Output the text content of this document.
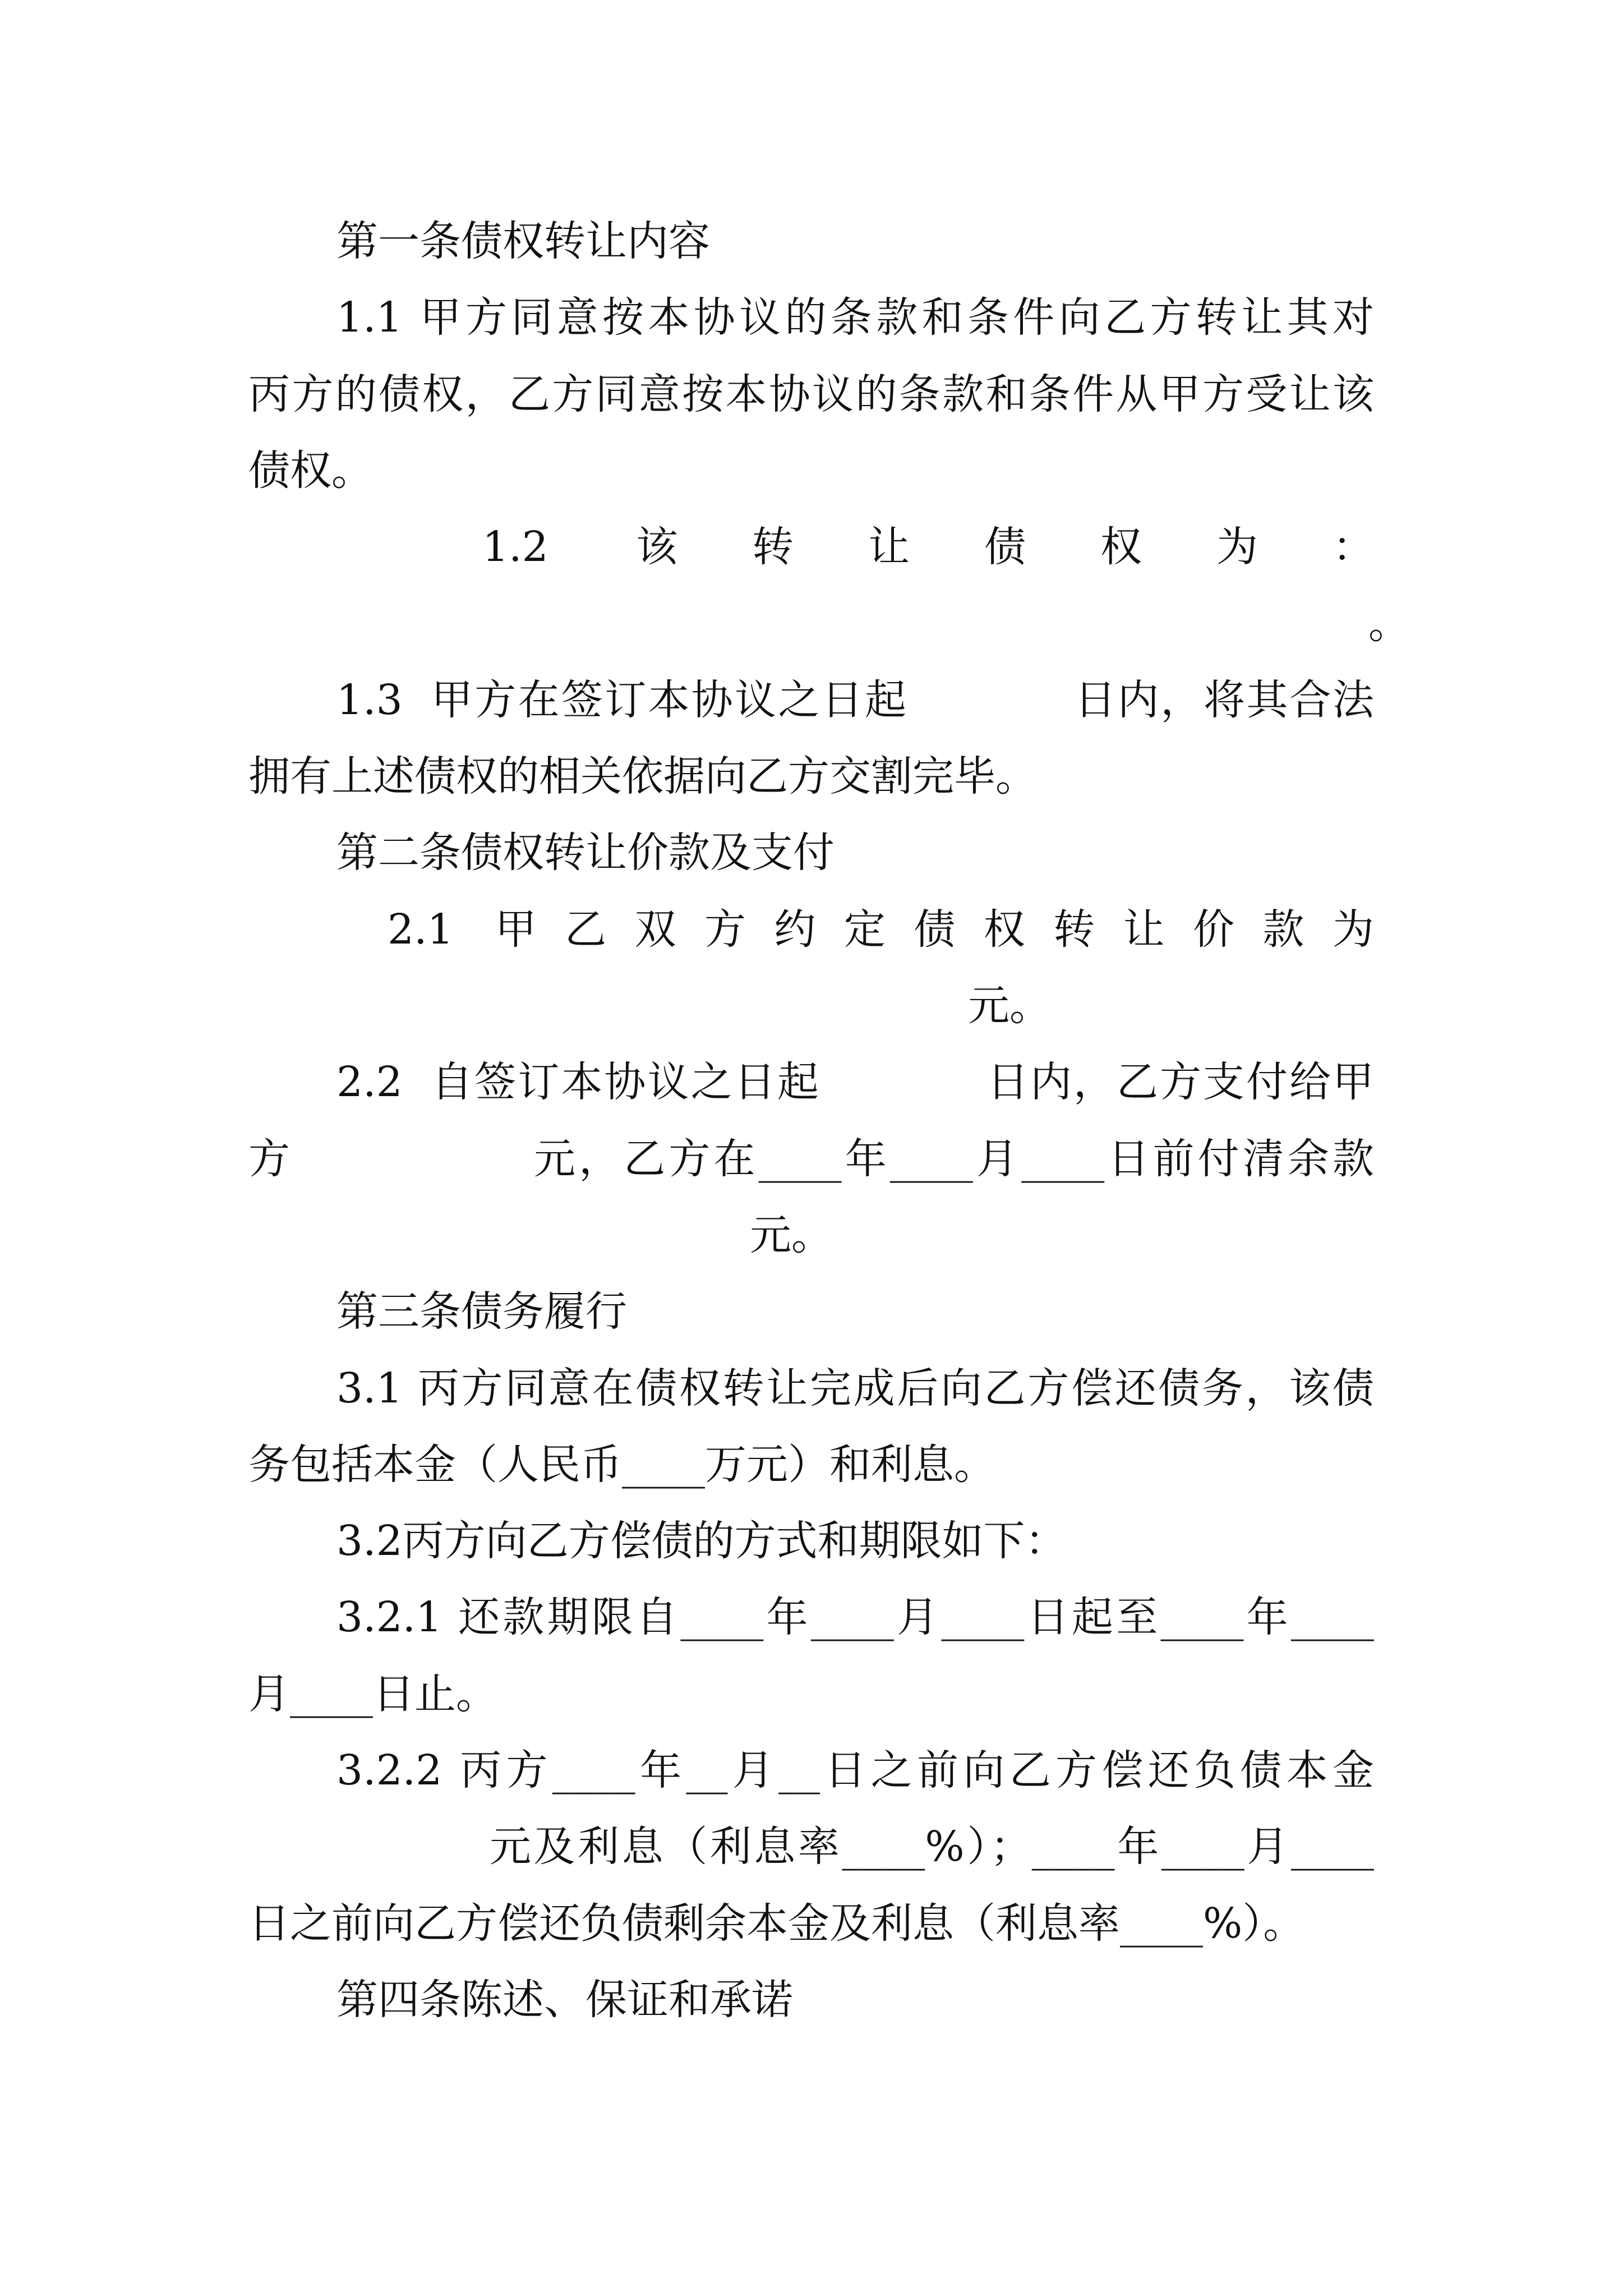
第一条债权转让内容
1.1 甲方同意按本协议的条款和条件向乙方转让其对
丙方的债权，乙方同意按本协议的条款和条件从甲方受让该
债权。
1.2 该转让债权为：
。
1.3 甲方在签订本协议之日起	日内，将其合法
拥有上述债权的相关依据向乙方交割完毕。
第二条债权转让价款及支付
2.1 甲乙双方约定债权转让价款为
元。
2.2 自签订本协议之日起	日内，乙方支付给甲
方	元，乙方在____年____月____日前付清余款
元。
第三条债务履行
3.1 丙方同意在债权转让完成后向乙方偿还债务，该债
务包括本金（人民币____万元）和利息。
3.2丙方向乙方偿债的方式和期限如下：
3.2.1 还款期限自____年____月____日起至____年____
月____日止。
3.2.2 丙方____年__月__日之前向乙方偿还负债本金
元及利息（利息率____%）；____年____月____
日之前向乙方偿还负债剩余本金及利息（利息率____%）。
第四条陈述、保证和承诺
